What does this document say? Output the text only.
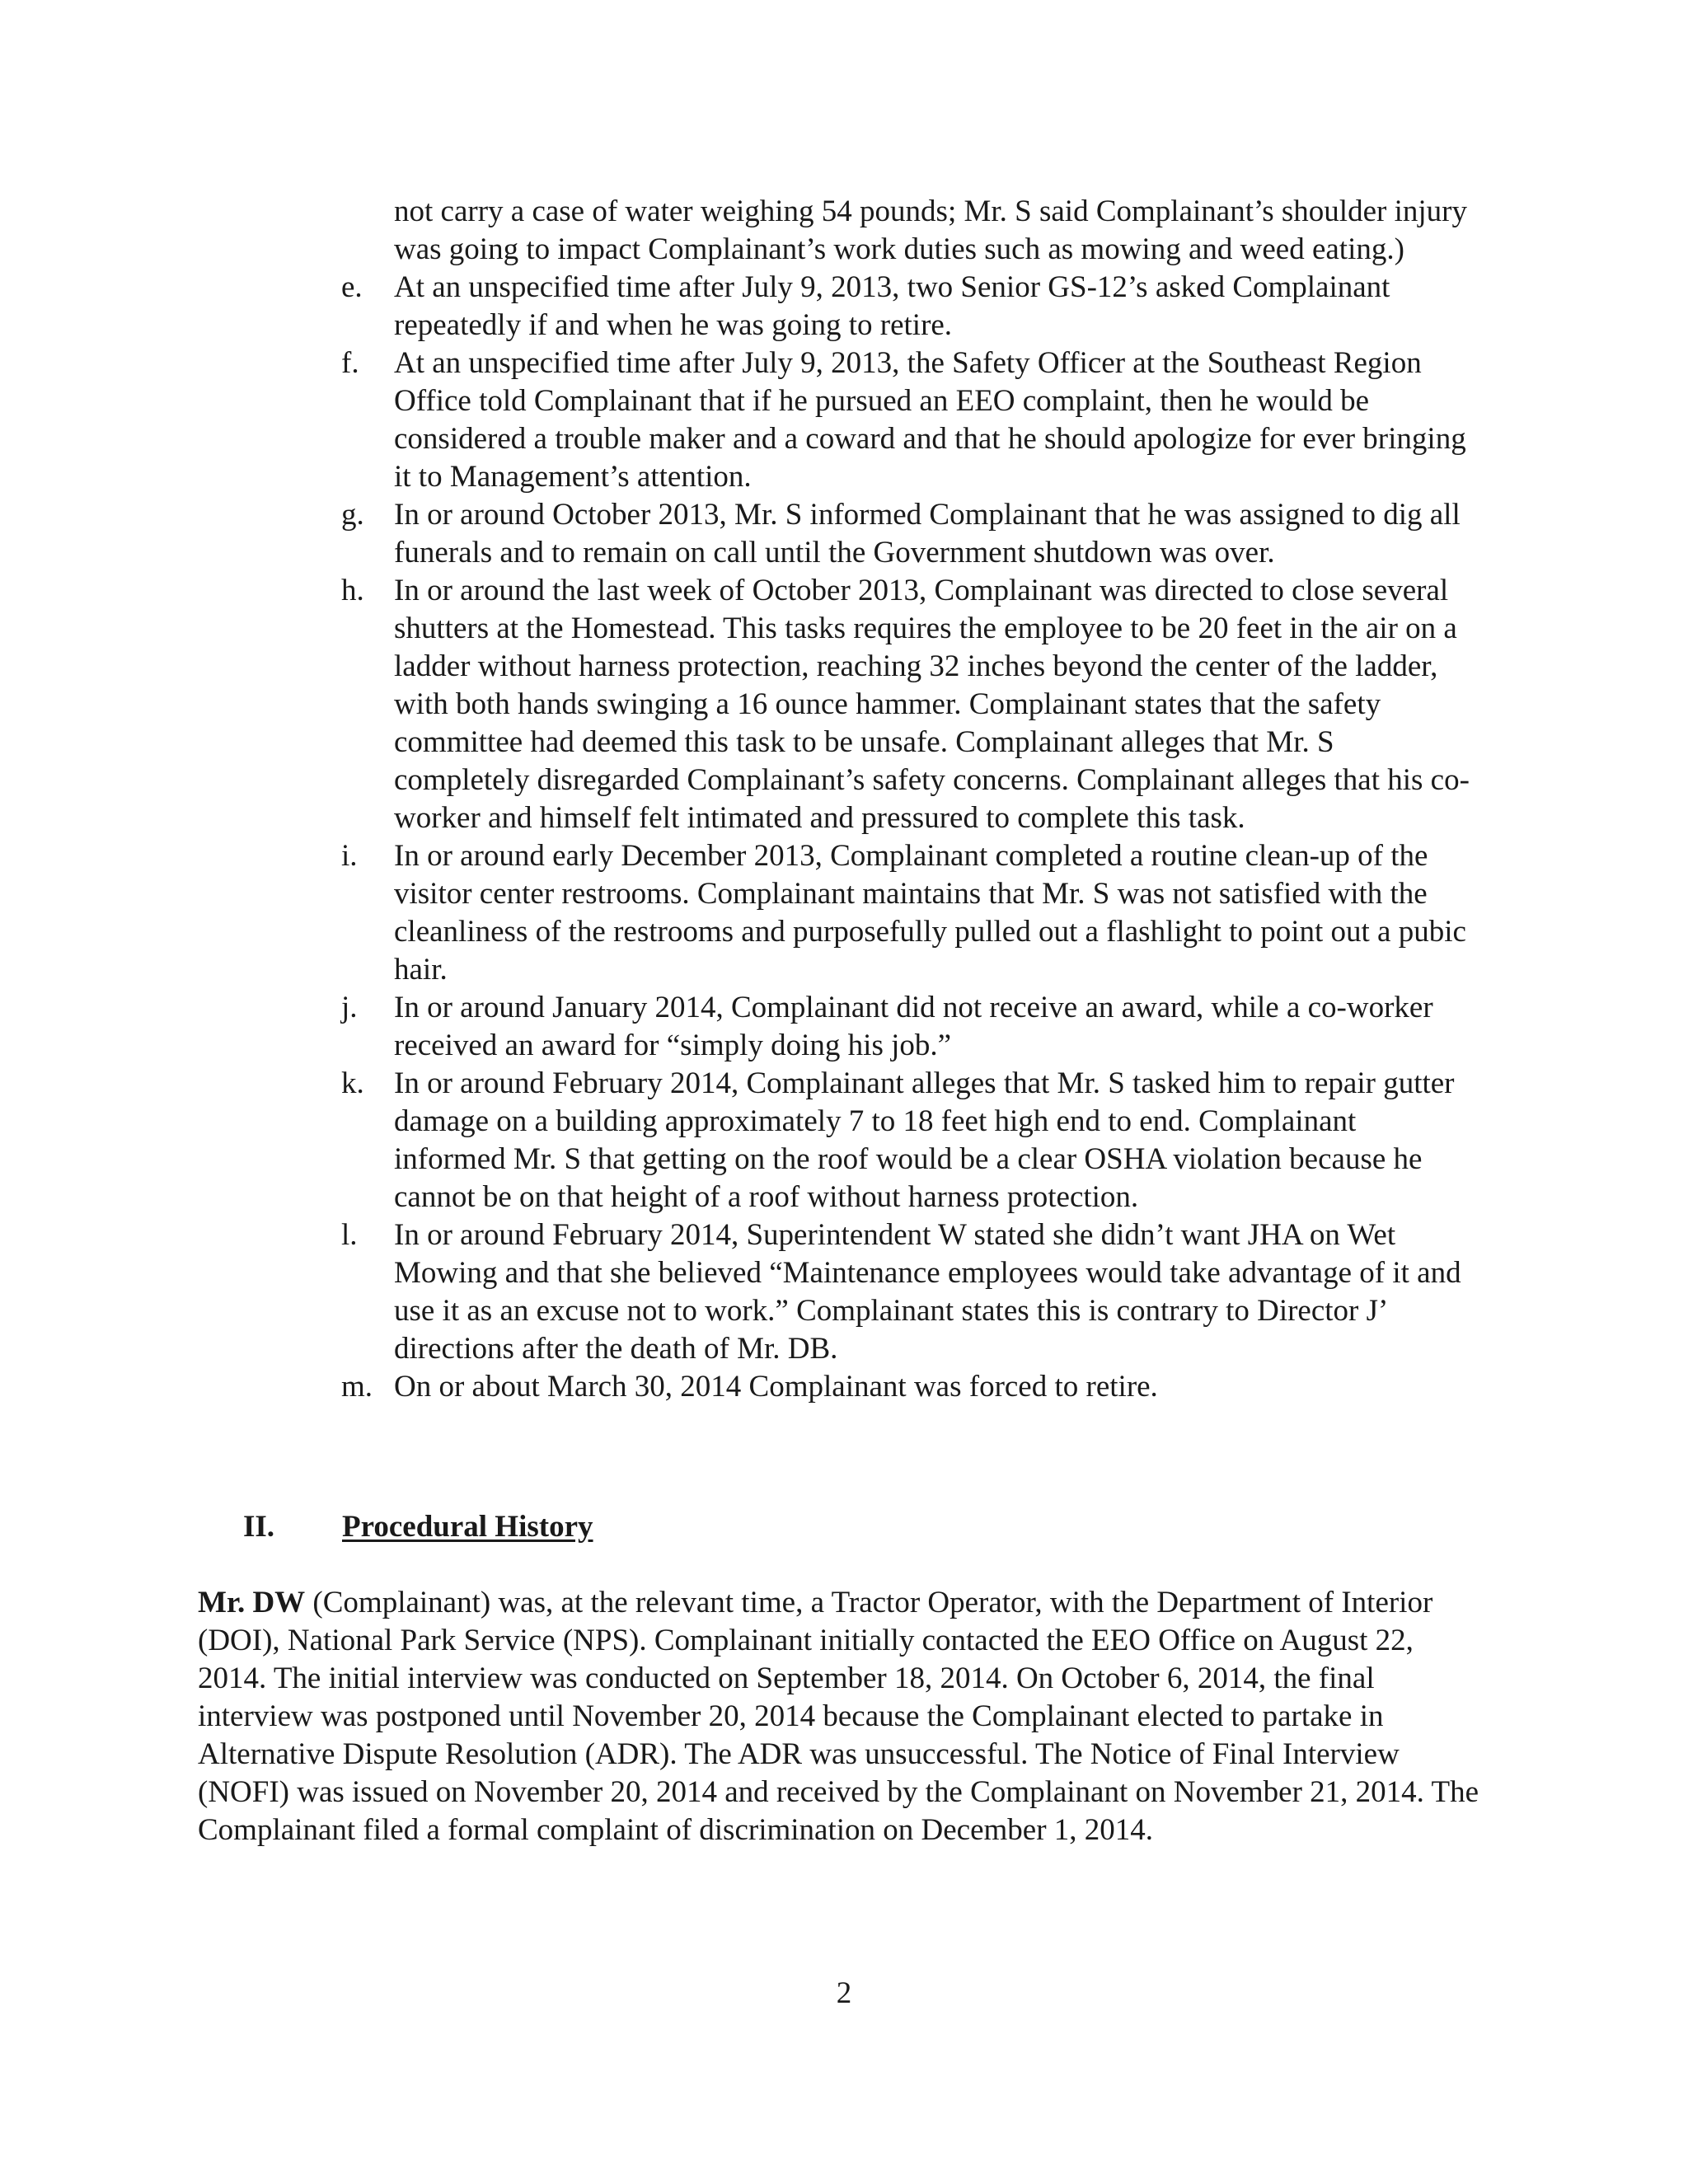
not carry a case of water weighing 54 pounds; Mr. S said Complainant’s shoulder injury was going to impact Complainant’s work duties such as mowing and weed eating.)
e.	At an unspecified time after July 9, 2013, two Senior GS-12’s asked Complainant repeatedly if and when he was going to retire.
f.	At an unspecified time after July 9, 2013, the Safety Officer at the Southeast Region Office told Complainant that if he pursued an EEO complaint, then he would be considered a trouble maker and a coward and that he should apologize for ever bringing it to Management’s attention.
g. In or around October 2013, Mr. S informed Complainant that he was assigned to dig all funerals and to remain on call until the Government shutdown was over.
h. In or around the last week of October 2013, Complainant was directed to close several shutters at the Homestead. This tasks requires the employee to be 20 feet in the air on a ladder without harness protection, reaching 32 inches beyond the center of the ladder, with both hands swinging a 16 ounce hammer. Complainant states that the safety committee had deemed this task to be unsafe. Complainant alleges that Mr. S completely disregarded Complainant’s safety concerns. Complainant alleges that his co-worker and himself felt intimated and pressured to complete this task.
i.	In or around early December 2013, Complainant completed a routine clean-up of the visitor center restrooms. Complainant maintains that Mr. S was not satisfied with the cleanliness of the restrooms and purposefully pulled out a flashlight to point out a pubic hair.
j.	In or around January 2014, Complainant did not receive an award, while a co-worker received an award for “simply doing his job.”
k. In or around February 2014, Complainant alleges that Mr. S tasked him to repair gutter damage on a building approximately 7 to 18 feet high end to end. Complainant informed Mr. S that getting on the roof would be a clear OSHA violation because he cannot be on that height of a roof without harness protection.
l.	In or around February 2014, Superintendent W stated she didn’t want JHA on Wet Mowing and that she believed “Maintenance employees would take advantage of it and use it as an excuse not to work.” Complainant states this is contrary to Director J’ directions after the death of Mr. DB.
m. On or about March 30, 2014 Complainant was forced to retire.
II. Procedural History

Mr. DW (Complainant) was, at the relevant time, a Tractor Operator, with the Department of Interior (DOI), National Park Service (NPS). Complainant initially contacted the EEO Office on August 22, 2014. The initial interview was conducted on September 18, 2014. On October 6, 2014, the final interview was postponed until November 20, 2014 because the Complainant elected to partake in Alternative Dispute Resolution (ADR). The ADR was unsuccessful. The Notice of Final Interview (NOFI) was issued on November 20, 2014 and received by the Complainant on November 21, 2014. The Complainant filed a formal complaint of discrimination on December 1, 2014.

2
